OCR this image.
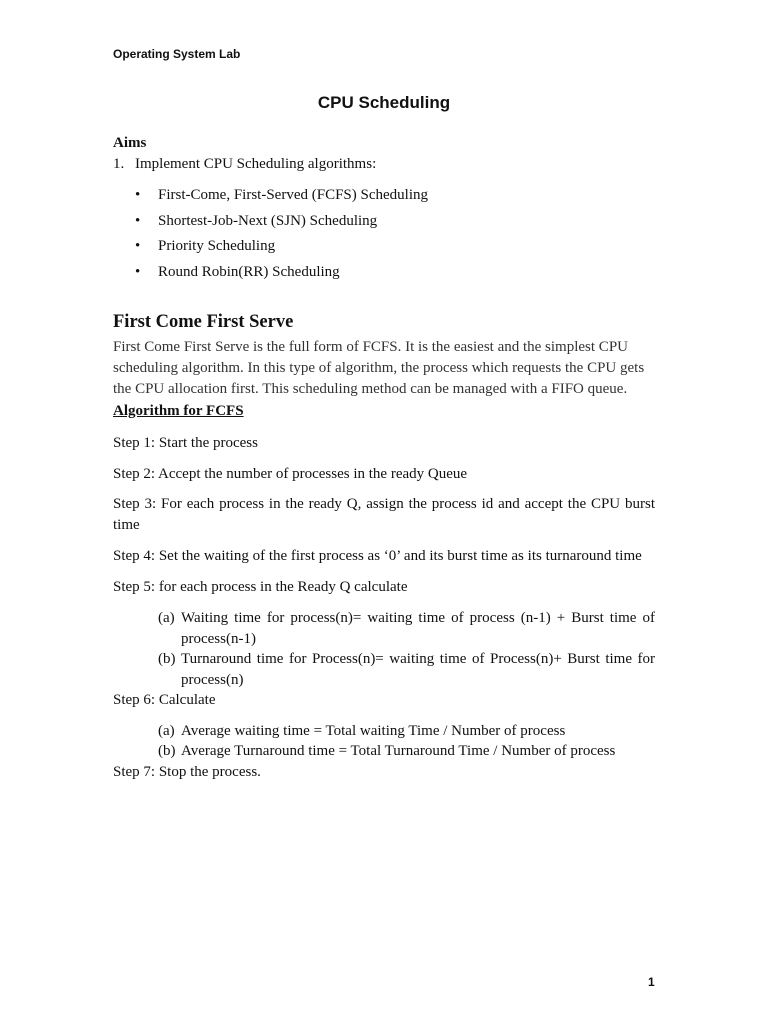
Operating System Lab
CPU Scheduling
Aims
1. Implement CPU Scheduling algorithms:
• First-Come, First-Served (FCFS) Scheduling
• Shortest-Job-Next (SJN) Scheduling
• Priority Scheduling
• Round Robin(RR) Scheduling
First Come First Serve
First Come First Serve is the full form of FCFS. It is the easiest and the simplest CPU
scheduling algorithm. In this type of algorithm, the process which requests the CPU gets
the CPU allocation first. This scheduling method can be managed with a FIFO queue.
Algorithm for FCFS
Step 1: Start the process
Step 2: Accept the number of processes in the ready Queue
Step 3: For each process in the ready Q, assign the process id and accept the CPU burst time
Step 4: Set the waiting of the first process as ‘0’ and its burst time as its turnaround time
Step 5: for each process in the Ready Q calculate
(a) Waiting time for process(n)= waiting time of process (n-1) + Burst time of process(n-1)
(b) Turnaround time for Process(n)= waiting time of Process(n)+ Burst time for process(n)
Step 6: Calculate
(a) Average waiting time = Total waiting Time / Number of process
(b) Average Turnaround time = Total Turnaround Time / Number of process
Step 7: Stop the process.
1
